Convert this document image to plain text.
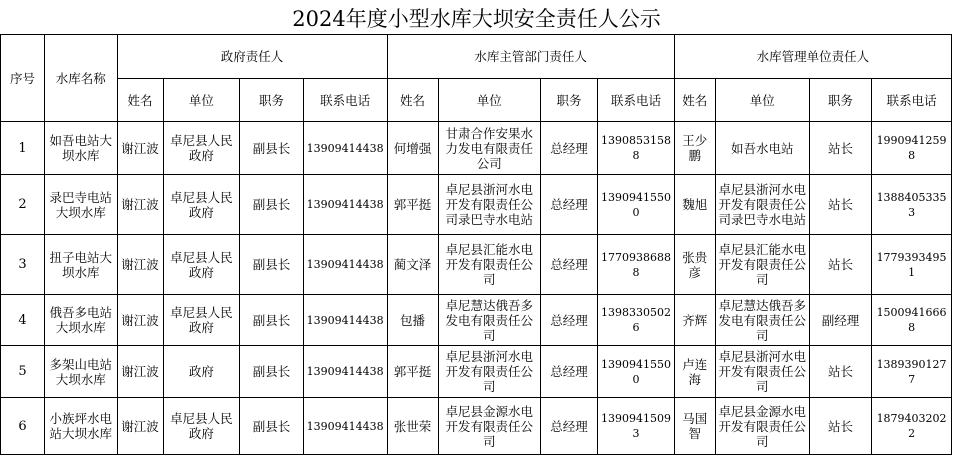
2024年度小型水库大坝安全责任人公示
序号	水库名称	政府责任人				水库主管部门责任人				水库管理单位责任人			
		姓名	单位	职务	联系电话	姓名	单位	职务	联系电话	姓名	单位	职务	联系电话
1	如吾电站大坝水库	谢江波	卓尼县人民政府	副县长	13909414438	何增强	甘肃合作安果水力发电有限责任公司	总经理	13908531588	王少鹏	如吾水电站	站长	19909412598
2	录巴寺电站大坝水库	谢江波	卓尼县人民政府	副县长	13909414438	郭平挺	卓尼县浙河水电开发有限责任公司录巴寺水电站	总经理	13909415500	魏旭	卓尼县浙河水电开发有限责任公司录巴寺水电站	站长	13884053353
3	扭子电站大坝水库	谢江波	卓尼县人民政府	副县长	13909414438	蔺文泽	卓尼县汇能水电开发有限责任公司	总经理	17709386888	张贵彦	卓尼县汇能水电开发有限责任公司	站长	17793934951
4	俄吾多电站大坝水库	谢江波	卓尼县人民政府	副县长	13909414438	包播	卓尼慧达俄吾多发电有限责任公司	总经理	13983305026	齐辉	卓尼慧达俄吾多发电有限责任公司	副经理	15009416668
5	多架山电站大坝水库	谢江波	政府	副县长	13909414438	郭平挺	卓尼县浙河水电开发有限责任公司	总经理	13909415500	卢连海	卓尼县浙河水电开发有限责任公司	站长	13893901277
6	小族坪水电站大坝水库	谢江波	卓尼县人民政府	副县长	13909414438	张世荣	卓尼县金源水电开发有限责任公司	总经理	13909415093	马国智	卓尼县金源水电开发有限责任公司	站长	18794032022
